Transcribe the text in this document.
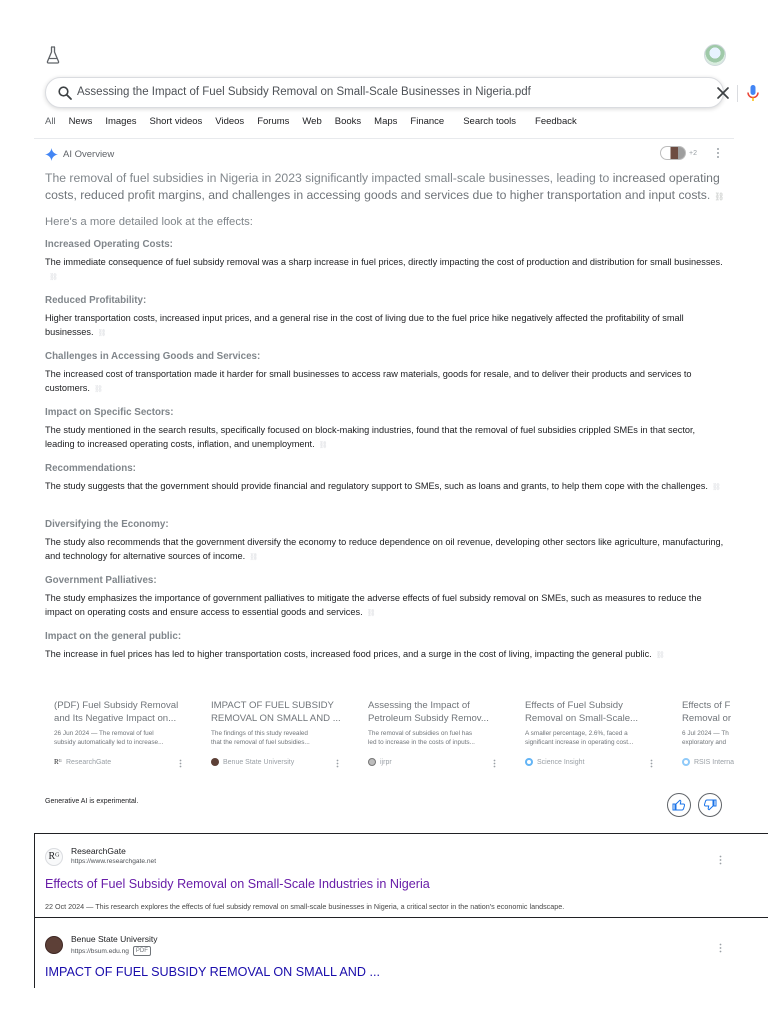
Assessing the Impact of Fuel Subsidy Removal on Small-Scale Businesses in Nigeria.pdf
All News Images Short videos Videos Forums Web Books Maps Finance Search tools Feedback
AI Overview	+2
The removal of fuel subsidies in Nigeria in 2023 significantly impacted small-scale businesses, leading to increased operating costs, reduced profit margins, and challenges in accessing goods and services due to higher transportation and input costs. ⛓
Here's a more detailed look at the effects:
Increased Operating Costs:
The immediate consequence of fuel subsidy removal was a sharp increase in fuel prices, directly impacting the cost of production and distribution for small businesses.⛓
Reduced Profitability:
Higher transportation costs, increased input prices, and a general rise in the cost of living due to the fuel price hike negatively affected the profitability of small businesses. ⛓
Challenges in Accessing Goods and Services:
The increased cost of transportation made it harder for small businesses to access raw materials, goods for resale, and to deliver their products and services to customers. ⛓
Impact on Specific Sectors:
The study mentioned in the search results, specifically focused on block-making industries, found that the removal of fuel subsidies crippled SMEs in that sector, leading to increased operating costs, inflation, and unemployment. ⛓
Recommendations:
The study suggests that the government should provide financial and regulatory support to SMEs, such as loans and grants, to help them cope with the challenges. ⛓
Diversifying the Economy:
The study also recommends that the government diversify the economy to reduce dependence on oil revenue, developing other sectors like agriculture, manufacturing, and technology for alternative sources of income. ⛓
Government Palliatives:
The study emphasizes the importance of government palliatives to mitigate the adverse effects of fuel subsidy removal on SMEs, such as measures to reduce the impact on operating costs and ensure access to essential goods and services. ⛓
Impact on the general public:
The increase in fuel prices has led to higher transportation costs, increased food prices, and a surge in the cost of living, impacting the general public. ⛓
(PDF) Fuel Subsidy Removal
and Its Negative Impact on...
26 Jun 2024 — The removal of fuel
subsidy automatically led to increase...
Rᴳ ResearchGate
IMPACT OF FUEL SUBSIDY
REMOVAL ON SMALL AND ...
The findings of this study revealed
that the removal of fuel subsidies...
Benue State University
Assessing the Impact of
Petroleum Subsidy Remov...
The removal of subsidies on fuel has
led to increase in the costs of inputs...
ijrpr
Effects of Fuel Subsidy
Removal on Small-Scale...
A smaller percentage, 2.6%, faced a
significant increase in operating cost...
Science Insight
Effects of F
Removal or
6 Jul 2024 — Th
exploratory and
RSIS Interna
Generative AI is experimental.
Rᴳ	ResearchGate
https://www.researchgate.net
Effects of Fuel Subsidy Removal on Small-Scale Industries in Nigeria
22 Oct 2024 — This research explores the effects of fuel subsidy removal on small-scale businesses in Nigeria, a critical sector in the nation's economic landscape.
Benue State University
https://bsum.edu.ng	PDF
IMPACT OF FUEL SUBSIDY REMOVAL ON SMALL AND ...
